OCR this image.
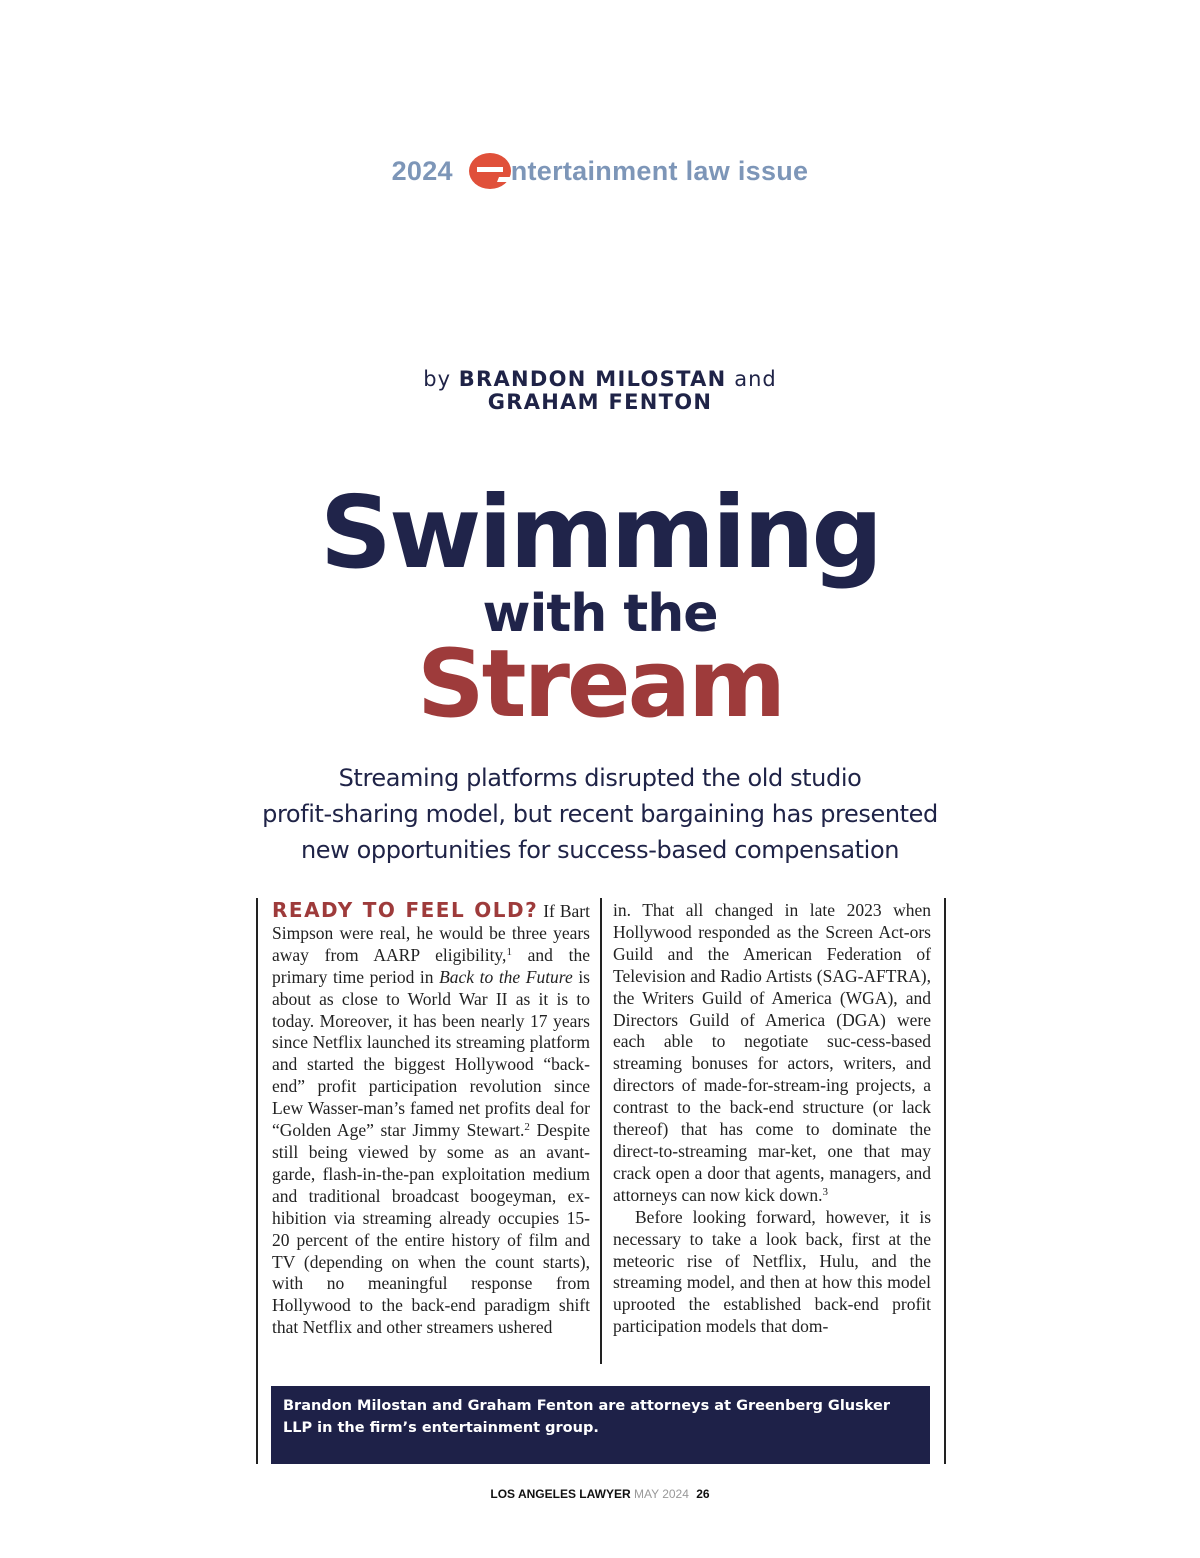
2024 ntertainment law issue
by BRANDON MILOSTAN and
GRAHAM FENTON
Swimming
with the
Stream
Streaming platforms disrupted the old studio
profit-sharing model, but recent bargaining has presented
new opportunities for success-based compensation

READY TO FEEL OLD? If Bart Simpson were real, he would be three years away from AARP eligibility,$^1$ and the primary time period in Back to the Future is about as close to World War II as it is to today. Moreover, it has been nearly 17 years since Netflix launched its streaming platform and started the biggest Hollywood “back-end” profit participation revolution since Lew Wasser-man’s famed net profits deal for “Golden Age” star Jimmy Stewart.$^2$ Despite still being viewed by some as an avant-garde, flash-in-the-pan exploitation medium and traditional broadcast boogeyman, ex-hibition via streaming already occupies 15-20 percent of the entire history of film and TV (depending on when the count starts), with no meaningful response from Hollywood to the back-end paradigm shift that Netflix and other streamers ushered

in. That all changed in late 2023 when Hollywood responded as the Screen Act-ors Guild and the American Federation of Television and Radio Artists (SAG-AFTRA), the Writers Guild of America (WGA), and Directors Guild of America (DGA) were each able to negotiate suc-cess-based streaming bonuses for actors, writers, and directors of made-for-stream-ing projects, a contrast to the back-end structure (or lack thereof) that has come to dominate the direct-to-streaming mar-ket, one that may crack open a door that agents, managers, and attorneys can now kick down.$^3$

Before looking forward, however, it is necessary to take a look back, first at the meteoric rise of Netflix, Hulu, and the streaming model, and then at how this model uprooted the established back-end profit participation models that dom-

Brandon Milostan and Graham Fenton are attorneys at Greenberg Glusker LLP in the firm’s entertainment group.
LOS ANGELES LAWYER MAY 2024 26
